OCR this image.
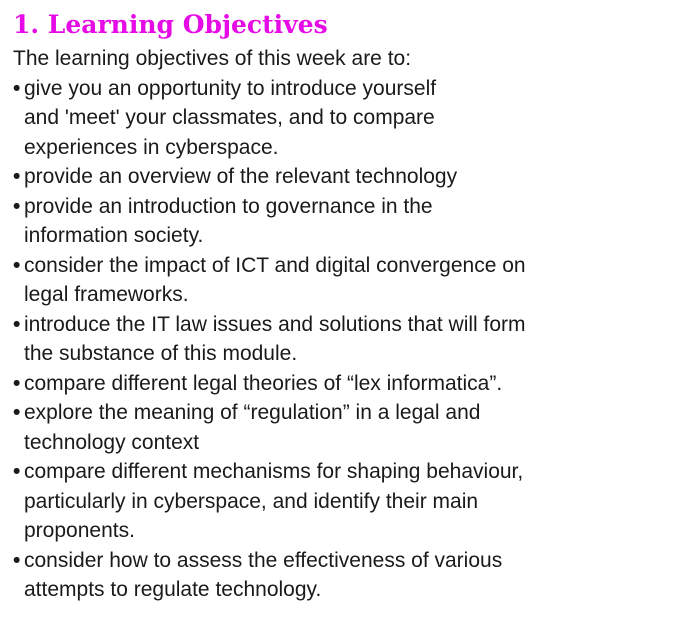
1. Learning Objectives

The learning objectives of this week are to:

• give you an opportunity to introduce yourself
and 'meet' your classmates, and to compare
experiences in cyberspace.
• provide an overview of the relevant technology
• provide an introduction to governance in the
information society.
• consider the impact of ICT and digital convergence on
legal frameworks.
• introduce the IT law issues and solutions that will form
the substance of this module.
• compare different legal theories of “lex informatica”.
• explore the meaning of “regulation” in a legal and
technology context
• compare different mechanisms for shaping behaviour,
particularly in cyberspace, and identify their main
proponents.
• consider how to assess the effectiveness of various
attempts to regulate technology.
